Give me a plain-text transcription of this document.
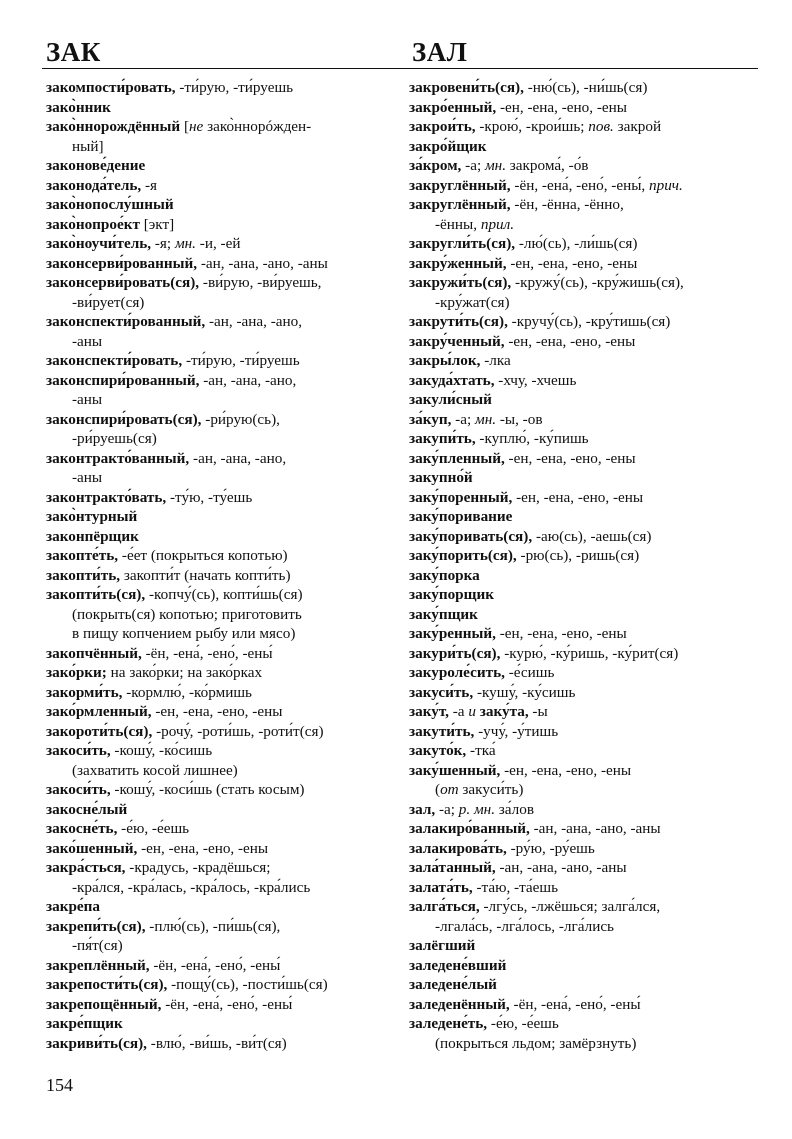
ЗАК	ЗАЛ
закомпости́ровать, -ти́рую, -ти́руешь
зако̀нник
зако̀ннорождённый [не зако̀ннорóжден-
ный]
законове́дение
законода́тель, -я
зако̀нопослу́шный
зако̀нопрое́кт [экт]
зако̀ноучи́тель, -я; мн. -и, -ей
законсерви́рованный, -ан, -ана, -ано, -аны
законсерви́ровать(ся), -ви́рую, -ви́руешь,
-ви́рует(ся)
законспекти́рованный, -ан, -ана, -ано,
-аны
законспекти́ровать, -ти́рую, -ти́руешь
законспири́рованный, -ан, -ана, -ано,
-аны
законспири́ровать(ся), -ри́рую(сь),
-ри́руешь(ся)
законтракто́ванный, -ан, -ана, -ано,
-аны
законтракто́вать, -ту́ю, -ту́ешь
зако̀нтурный
законпёрщик
закопте́ть, -е́ет (покрыться копотью)
закопти́ть, закопти́т (начать копти́ть)
закопти́ть(ся), -копчу́(сь), копти́шь(ся)
(покрыть(ся) копотью; приготовить
в пищу копчением рыбу или мясо)
закопчённый, -ён, -ена́, -ено́, -ены́
зако́рки; на зако́рки; на зако́рках
закорми́ть, -кормлю́, -ко́рмишь
зако́рмленный, -ен, -ена, -ено, -ены
закороти́ть(ся), -рочу́, -роти́шь, -роти́т(ся)
закоси́ть, -кошу́, -ко́сишь
(захватить косой лишнее)
закоси́ть, -кошу́, -коси́шь (стать косым)
закосне́лый
закосне́ть, -е́ю, -е́ешь
зако́шенный, -ен, -ена, -ено, -ены
закра́сться, -крадусь, -крадёшься;
-кра́лся, -кра́лась, -кра́лось, -кра́лись
закре́па
закрепи́ть(ся), -плю́(сь), -пи́шь(ся),
-пя́т(ся)
закреплённый, -ён, -ена́, -ено́, -ены́
закрепости́ть(ся), -пощу́(сь), -пости́шь(ся)
закрепощённый, -ён, -ена́, -ено́, -ены́
закре́пщик
закриви́ть(ся), -влю́, -ви́шь, -ви́т(ся)
закровени́ть(ся), -ню́(сь), -ни́шь(ся)
закро́енный, -ен, -ена, -ено, -ены
закрои́ть, -крою́, -крои́шь; пов. закрой
закро́йщик
за́кром, -а; мн. закрома́, -о́в
закруглённый, -ён, -ена́, -ено́, -ены́, прич.
закруглённый, -ён, -ённа, -ённо,
-ённы, прил.
закругли́ть(ся), -лю́(сь), -ли́шь(ся)
закру́женный, -ен, -ена, -ено, -ены
закружи́ть(ся), -кружу́(сь), -кру́жишь(ся),
-кру́жат(ся)
закрути́ть(ся), -кручу́(сь), -кру́тишь(ся)
закру́ченный, -ен, -ена, -ено, -ены
закры́лок, -лка
закуда́хтать, -хчу, -хчешь
закули́сный
за́куп, -а; мн. -ы, -ов
закупи́ть, -куплю́, -ку́пишь
заку́пленный, -ен, -ена, -ено, -ены
закупно́й
заку́поренный, -ен, -ена, -ено, -ены
заку́поривание
заку́поривать(ся), -аю(сь), -аешь(ся)
заку́порить(ся), -рю(сь), -ришь(ся)
заку́порка
заку́порщик
заку́пщик
заку́ренный, -ен, -ена, -ено, -ены
закури́ть(ся), -курю́, -ку́ришь, -ку́рит(ся)
закуроле́сить, -е́сишь
закуси́ть, -кушу́, -ку́сишь
заку́т, -а и заку́та, -ы
закути́ть, -учу́, -у́тишь
закуто́к, -тка́
заку́шенный, -ен, -ена, -ено, -ены
(от закуси́ть)
зал, -а; р. мн. за́лов
залакиро́ванный, -ан, -ана, -ано, -аны
залакирова́ть, -ру́ю, -ру́ешь
зала́танный, -ан, -ана, -ано, -аны
залата́ть, -та́ю, -та́ешь
залга́ться, -лгу́сь, -лжёшься; залга́лся,
-лгала́сь, -лга́лось, -лга́лись
залёгший
заледене́вший
заледене́лый
заледенённый, -ён, -ена́, -ено́, -ены́
заледене́ть, -е́ю, -е́ешь
(покрыться льдом; замёрзнуть)
154
